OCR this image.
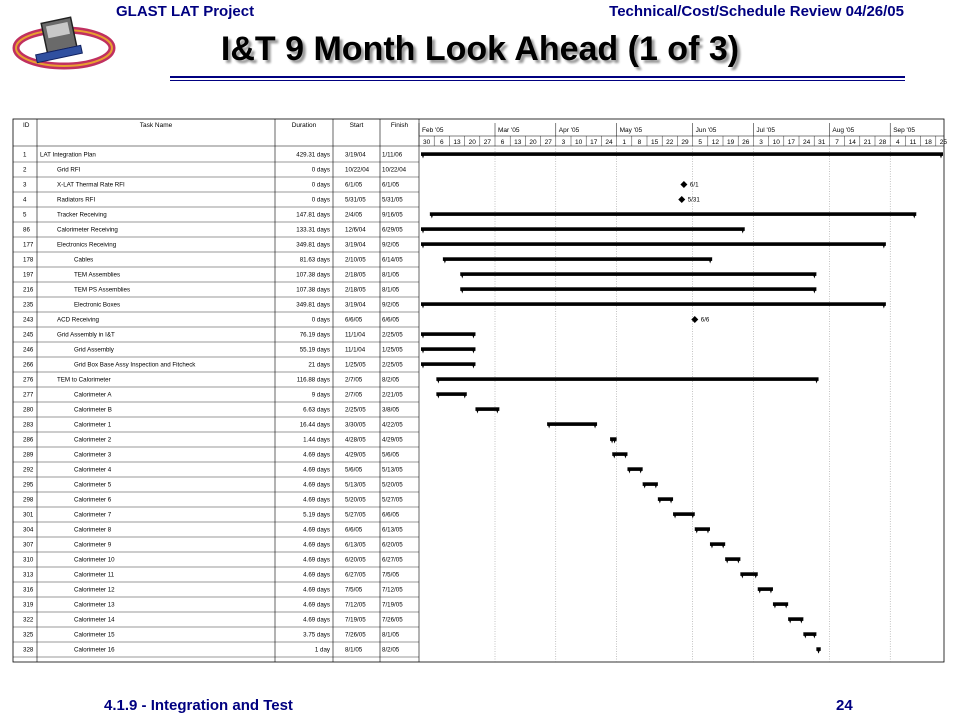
GLAST LAT Project	Technical/Cost/Schedule Review 04/26/05
I&T 9 Month Look Ahead (1 of 3)
ID	Task Name	Duration	Start	Finish
Feb '05	Mar '05	Apr '05	May '05	Jun '05	Jul '05	Aug '05	Sep '05
30 6 13 20 27 6 13 20 27 3 10 17 24 1 8 15 22 29 5 12 19 26 3 10 17 24 31 7 14 21 28 4 11 18 25
1 LAT Integration Plan	429.31 days 3/19/04	1/11/06
2	Grid RFI	0 days 10/22/04 10/22/04
3	X-LAT Thermal Rate RFI	0 days 6/1/05	6/1/05	6/1
4	Radiators RFI	0 days 5/31/05	5/31/05	5/31
5	Tracker Receiving	147.81 days 2/4/05	9/16/05
86	Calorimeter Receiving	133.31 days 12/6/04	6/29/05
177	Electronics Receiving	349.81 days 3/19/04	9/2/05
178	Cables	81.63 days 2/10/05	6/14/05
197	TEM Assemblies	107.38 days 2/18/05	8/1/05
216	TEM PS Assemblies	107.38 days 2/18/05	8/1/05
235	Electronic Boxes	349.81 days 3/19/04	9/2/05
243	ACD Receiving	0 days 6/6/05	6/6/05	6/6
245	Grid Assembly in I&T	76.19 days 11/1/04	2/25/05
246	Grid Assembly	55.19 days 11/1/04	1/25/05
266	Grid Box Base Assy Inspection and Fitcheck	21 days 1/25/05	2/25/05
276	TEM to Calorimeter	116.88 days 2/7/05	8/2/05
277	Calorimeter A	9 days 2/7/05	2/21/05
280	Calorimeter B	6.63 days 2/25/05	3/8/05
283	Calorimeter 1	16.44 days 3/30/05	4/22/05
286	Calorimeter 2	1.44 days 4/28/05	4/29/05
289	Calorimeter 3	4.69 days 4/29/05	5/6/05
292	Calorimeter 4	4.69 days 5/6/05	5/13/05
295	Calorimeter 5	4.69 days 5/13/05	5/20/05
298	Calorimeter 6	4.69 days 5/20/05	5/27/05
301	Calorimeter 7	5.19 days 5/27/05	6/6/05
304	Calorimeter 8	4.69 days 6/6/05	6/13/05
307	Calorimeter 9	4.69 days 6/13/05	6/20/05
310	Calorimeter 10	4.69 days 6/20/05	6/27/05
313	Calorimeter 11	4.69 days 6/27/05	7/5/05
316	Calorimeter 12	4.69 days 7/5/05	7/12/05
319	Calorimeter 13	4.69 days 7/12/05	7/19/05
322	Calorimeter 14	4.69 days 7/19/05	7/26/05
325	Calorimeter 15	3.75 days 7/26/05	8/1/05
328	Calorimeter 16	1 day 8/1/05	8/2/05
4.1.9 - Integration and Test	24
